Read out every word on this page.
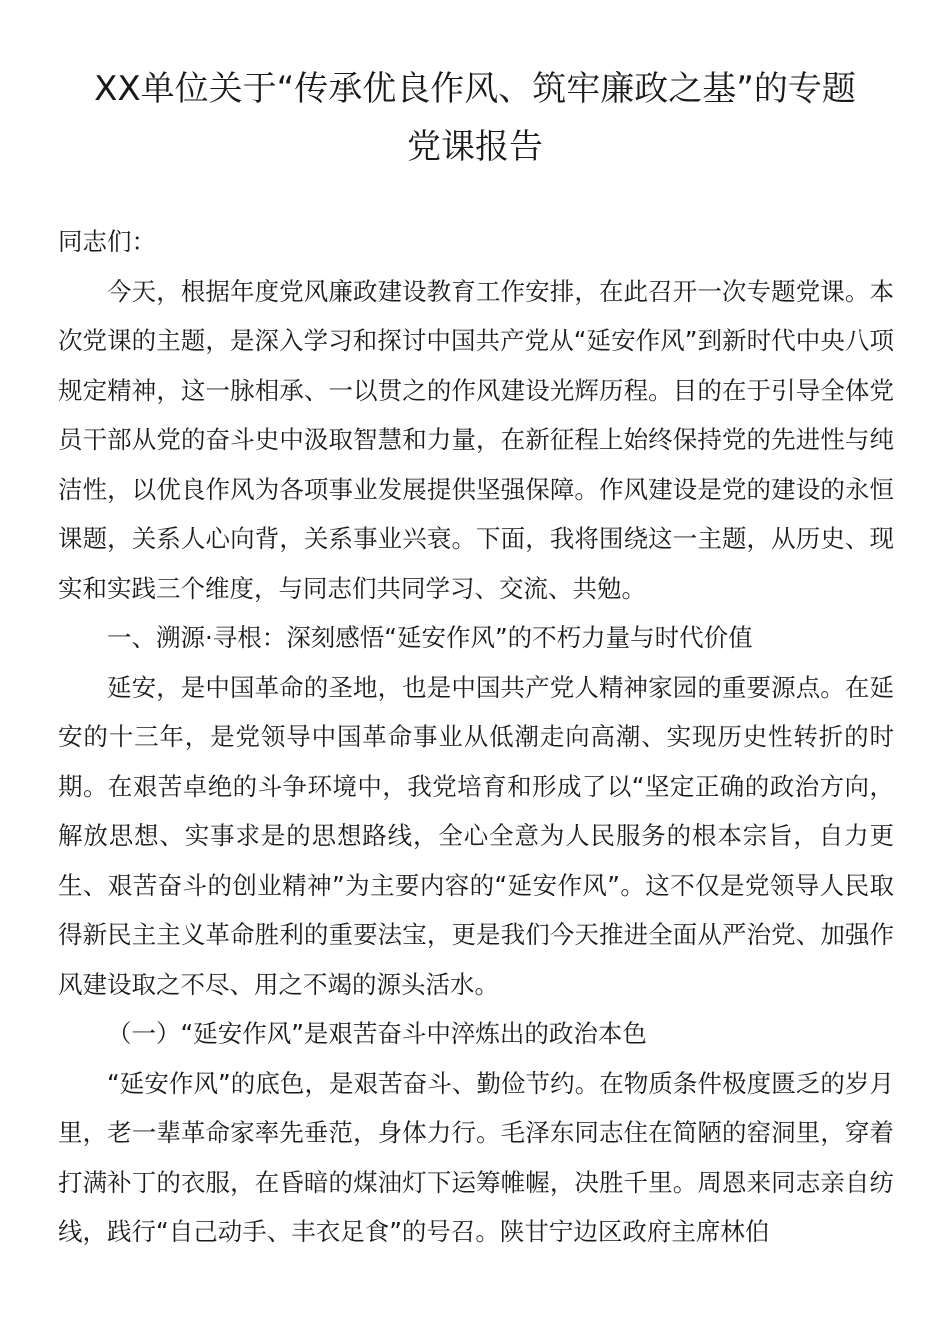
XX单位关于“传承优良作风、筑牢廉政之基”的专题
党课报告

同志们：

今天，根据年度党风廉政建设教育工作安排，在此召开一次专题党课。本次党课的主题，是深入学习和探讨中国共产党从“延安作风”到新时代中央八项规定精神，这一脉相承、一以贯之的作风建设光辉历程。目的在于引导全体党员干部从党的奋斗史中汲取智慧和力量，在新征程上始终保持党的先进性与纯洁性，以优良作风为各项事业发展提供坚强保障。作风建设是党的建设的永恒课题，关系人心向背，关系事业兴衰。下面，我将围绕这一主题，从历史、现实和实践三个维度，与同志们共同学习、交流、共勉。

一、溯源·寻根：深刻感悟“延安作风”的不朽力量与时代价值

延安，是中国革命的圣地，也是中国共产党人精神家园的重要源点。在延安的十三年，是党领导中国革命事业从低潮走向高潮、实现历史性转折的时期。在艰苦卓绝的斗争环境中，我党培育和形成了以“坚定正确的政治方向，解放思想、实事求是的思想路线，全心全意为人民服务的根本宗旨，自力更生、艰苦奋斗的创业精神”为主要内容的“延安作风”。这不仅是党领导人民取得新民主主义革命胜利的重要法宝，更是我们今天推进全面从严治党、加强作风建设取之不尽、用之不竭的源头活水。

（一）“延安作风”是艰苦奋斗中淬炼出的政治本色

“延安作风”的底色，是艰苦奋斗、勤俭节约。在物质条件极度匮乏的岁月里，老一辈革命家率先垂范，身体力行。毛泽东同志住在简陋的窑洞里，穿着打满补丁的衣服，在昏暗的煤油灯下运筹帷幄，决胜千里。周恩来同志亲自纺线，践行“自己动手、丰衣足食”的号召。陕甘宁边区政府主席林伯
